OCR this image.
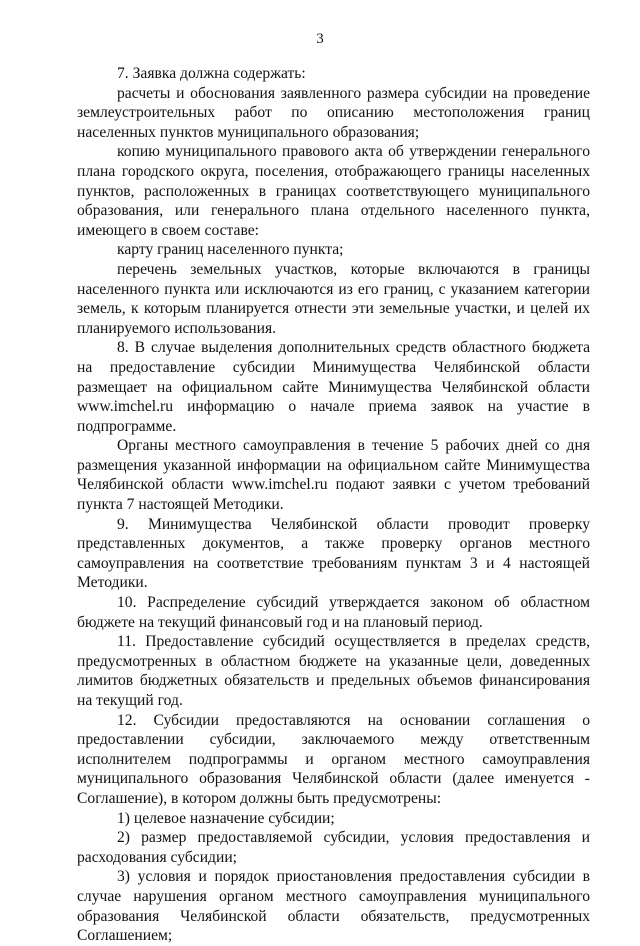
3

7. Заявка должна содержать:

расчеты и обоснования заявленного размера субсидии на проведение землеустроительных работ по описанию местоположения границ населенных пунктов муниципального образования;

копию муниципального правового акта об утверждении генерального плана городского округа, поселения, отображающего границы населенных пунктов, расположенных в границах соответствующего муниципального образования, или генерального плана отдельного населенного пункта, имеющего в своем составе:

карту границ населенного пункта;

перечень земельных участков, которые включаются в границы населенного пункта или исключаются из его границ, с указанием категории земель, к которым планируется отнести эти земельные участки, и целей их планируемого использования.

8. В случае выделения дополнительных средств областного бюджета на предоставление субсидии Минимущества Челябинской области размещает на официальном сайте Минимущества Челябинской области www.imchel.ru информацию о начале приема заявок на участие в подпрограмме.

Органы местного самоуправления в течение 5 рабочих дней со дня размещения указанной информации на официальном сайте Минимущества Челябинской области www.imchel.ru подают заявки с учетом требований пункта 7 настоящей Методики.

9. Минимущества Челябинской области проводит проверку представленных документов, а также проверку органов местного самоуправления на соответствие требованиям пунктам 3 и 4 настоящей Методики.

10. Распределение субсидий утверждается законом об областном бюджете на текущий финансовый год и на плановый период.

11. Предоставление субсидий осуществляется в пределах средств, предусмотренных в областном бюджете на указанные цели, доведенных лимитов бюджетных обязательств и предельных объемов финансирования на текущий год.

12. Субсидии предоставляются на основании соглашения о предоставлении субсидии, заключаемого между ответственным исполнителем подпрограммы и органом местного самоуправления муниципального образования Челябинской области (далее именуется - Соглашение), в котором должны быть предусмотрены:

1) целевое назначение субсидии;

2) размер предоставляемой субсидии, условия предоставления и расходования субсидии;

3) условия и порядок приостановления предоставления субсидии в случае нарушения органом местного самоуправления муниципального образования Челябинской области обязательств, предусмотренных Соглашением;
